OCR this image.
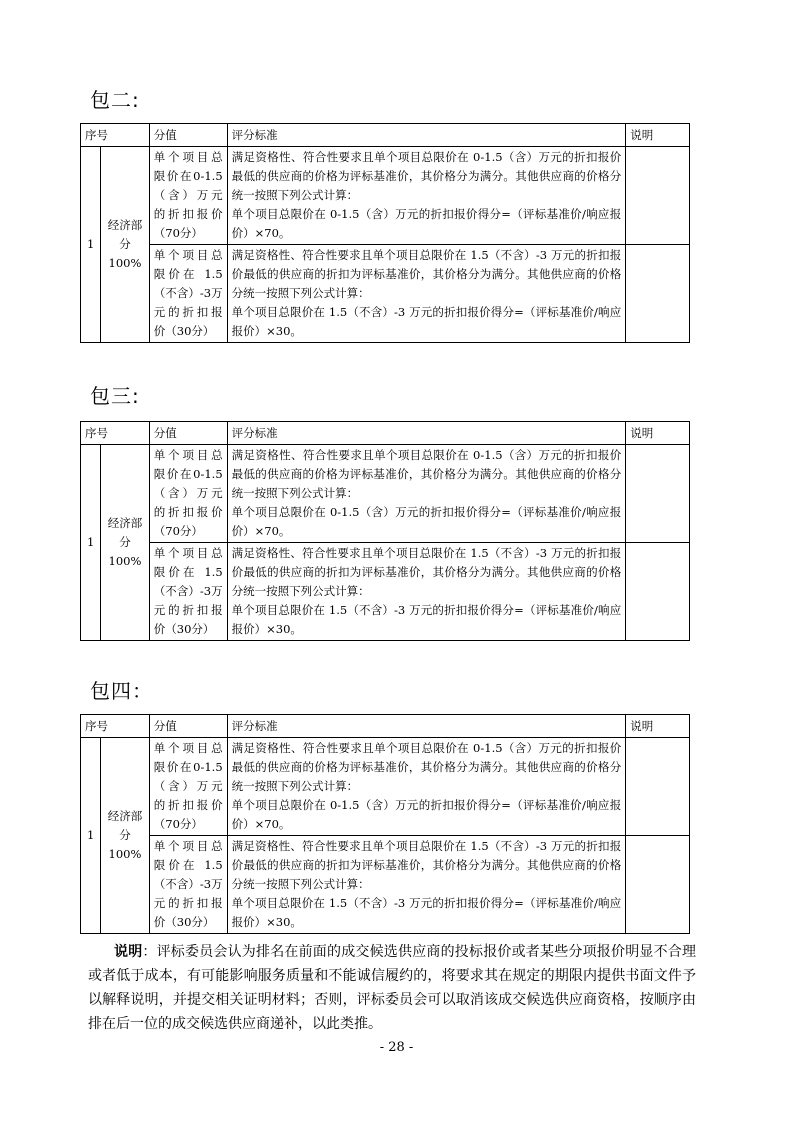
包二:
序号		分值	评分标准	说明
1	经济部分100%	单个项目总限价在0-1.5（含）万元的折扣报价（70分）	满足资格性、符合性要求且单个项目总限价在 0-1.5（含）万元的折扣报价最低的供应商的价格为评标基准价，其价格分为满分。其他供应商的价格分统一按照下列公式计算：
单个项目总限价在 0-1.5（含）万元的折扣报价得分=（评标基准价/响应报价）×70。	

		单个项目总限价在 1.5（不含）-3万元的折扣报价（30分）	满足资格性、符合性要求且单个项目总限价在 1.5（不含）-3 万元的折扣报价最低的供应商的折扣为评标基准价，其价格分为满分。其他供应商的价格分统一按照下列公式计算：
单个项目总限价在 1.5（不含）-3 万元的折扣报价得分=（评标基准价/响应报价）×30。	

包三:
序号		分值	评分标准	说明
1	经济部分100%	单个项目总限价在0-1.5（含）万元的折扣报价（70分）	满足资格性、符合性要求且单个项目总限价在 0-1.5（含）万元的折扣报价最低的供应商的价格为评标基准价，其价格分为满分。其他供应商的价格分统一按照下列公式计算：
单个项目总限价在 0-1.5（含）万元的折扣报价得分=（评标基准价/响应报价）×70。	

		单个项目总限价在 1.5（不含）-3万元的折扣报价（30分）	满足资格性、符合性要求且单个项目总限价在 1.5（不含）-3 万元的折扣报价最低的供应商的折扣为评标基准价，其价格分为满分。其他供应商的价格分统一按照下列公式计算：
单个项目总限价在 1.5（不含）-3 万元的折扣报价得分=（评标基准价/响应报价）×30。	

包四：
序号		分值	评分标准	说明
1	经济部分100%	单个项目总限价在0-1.5（含）万元的折扣报价（70分）	满足资格性、符合性要求且单个项目总限价在 0-1.5（含）万元的折扣报价最低的供应商的价格为评标基准价，其价格分为满分。其他供应商的价格分统一按照下列公式计算：
单个项目总限价在 0-1.5（含）万元的折扣报价得分=（评标基准价/响应报价）×70。	

		单个项目总限价在 1.5（不含）-3万元的折扣报价（30分）	满足资格性、符合性要求且单个项目总限价在 1.5（不含）-3 万元的折扣报价最低的供应商的折扣为评标基准价，其价格分为满分。其他供应商的价格分统一按照下列公式计算：
单个项目总限价在 1.5（不含）-3 万元的折扣报价得分=（评标基准价/响应报价）×30。	

说明：评标委员会认为排名在前面的成交候选供应商的投标报价或者某些分项报价明显不合理或者低于成本，有可能影响服务质量和不能诚信履约的，将要求其在规定的期限内提供书面文件予以解释说明，并提交相关证明材料；否则，评标委员会可以取消该成交候选供应商资格，按顺序由排在后一位的成交候选供应商递补，以此类推。
- 28 -
